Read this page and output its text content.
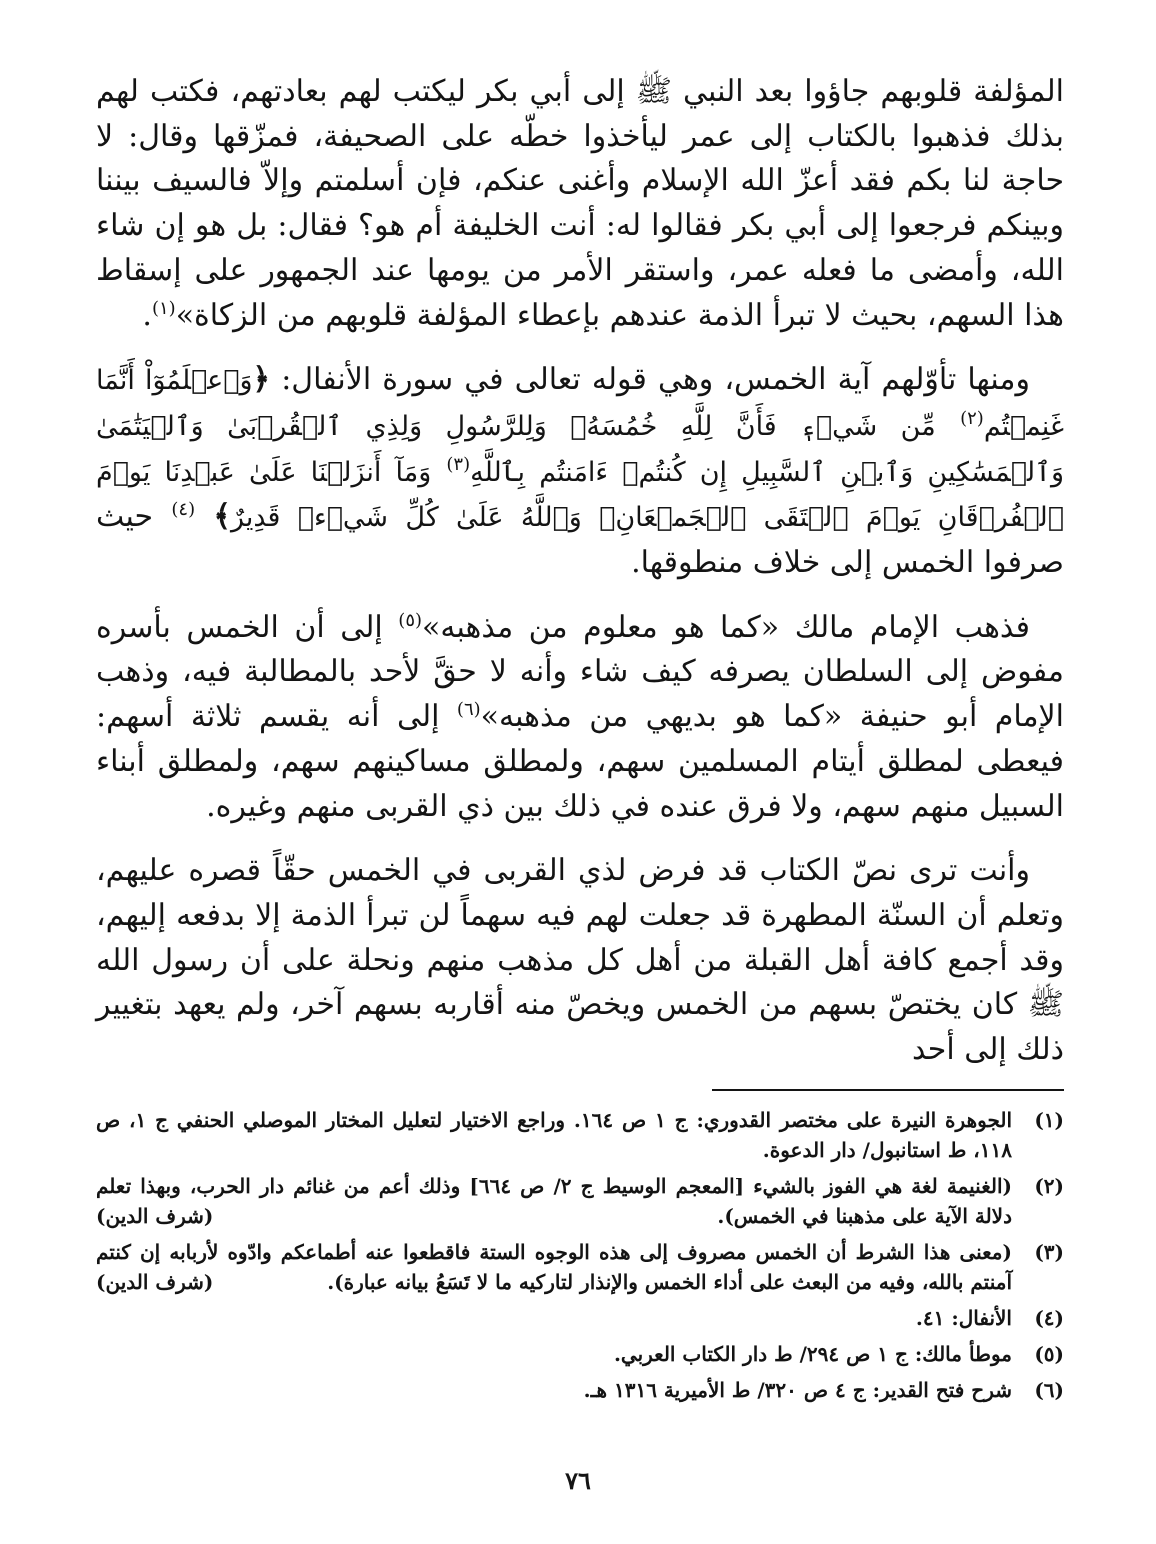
المؤلفة قلوبهم جاؤوا بعد النبي ﷺ إلى أبي بكر ليكتب لهم بعادتهم، فكتب لهم بذلك فذهبوا بالكتاب إلى عمر ليأخذوا خطّه على الصحيفة، فمزّقها وقال: لا حاجة لنا بكم فقد أعزّ الله الإسلام وأغنى عنكم، فإن أسلمتم وإلاّ فالسيف بيننا وبينكم فرجعوا إلى أبي بكر فقالوا له: أنت الخليفة أم هو؟ فقال: بل هو إن شاء الله، وأمضى ما فعله عمر، واستقر الأمر من يومها عند الجمهور على إسقاط هذا السهم، بحيث لا تبرأ الذمة عندهم بإعطاء المؤلفة قلوبهم من الزكاة»$^{(١)}$.

ومنها تأوّلهم آية الخمس، وهي قوله تعالى في سورة الأنفال: ﴿وَٱعۡلَمُوٓاْ أَنَّمَا غَنِمۡتُم$^{(٢)}$ مِّن شَيۡءٖ فَأَنَّ لِلَّهِ خُمُسَهُۥ وَلِلرَّسُولِ وَلِذِي ٱلۡقُرۡبَىٰ وَٱلۡيَتَٰمَىٰ وَٱلۡمَسَٰكِينِ وَٱبۡنِ ٱلسَّبِيلِ إِن كُنتُمۡ ءَامَنتُم بِٱللَّهِ$^{(٣)}$ وَمَآ أَنزَلۡنَا عَلَىٰ عَبۡدِنَا يَوۡمَ ٱلۡفُرۡقَانِ يَوۡمَ ٱلۡتَقَى ٱلۡجَمۡعَانِۗ وَٱللَّهُ عَلَىٰ كُلِّ شَيۡءٖ قَدِيرٌ﴾ $^{(٤)}$ حيث صرفوا الخمس إلى خلاف منطوقها.

فذهب الإمام مالك «كما هو معلوم من مذهبه»$^{(٥)}$ إلى أن الخمس بأسره مفوض إلى السلطان يصرفه كيف شاء وأنه لا حقَّ لأحد بالمطالبة فيه، وذهب الإمام أبو حنيفة «كما هو بديهي من مذهبه»$^{(٦)}$ إلى أنه يقسم ثلاثة أسهم: فيعطى لمطلق أيتام المسلمين سهم، ولمطلق مساكينهم سهم، ولمطلق أبناء السبيل منهم سهم، ولا فرق عنده في ذلك بين ذي القربى منهم وغيره.

وأنت ترى نصّ الكتاب قد فرض لذي القربى في الخمس حقّاً قصره عليهم، وتعلم أن السنّة المطهرة قد جعلت لهم فيه سهماً لن تبرأ الذمة إلا بدفعه إليهم، وقد أجمع كافة أهل القبلة من أهل كل مذهب منهم ونحلة على أن رسول الله ﷺ كان يختصّ بسهم من الخمس ويخصّ منه أقاربه بسهم آخر، ولم يعهد بتغيير ذلك إلى أحد

(١)
الجوهرة النيرة على مختصر القدوري: ج ١ ص ١٦٤. وراجع الاختيار لتعليل المختار الموصلي الحنفي ج ١، ص ١١٨، ط استانبول/ دار الدعوة.
(٢)
(الغنيمة لغة هي الفوز بالشيء [المعجم الوسيط ج ٢/ ص ٦٦٤] وذلك أعم من غنائم دار الحرب، وبهذا تعلم دلالة الآية على مذهبنا في الخمس).
(شرف الدين)
(٣)
(معنى هذا الشرط أن الخمس مصروف إلى هذه الوجوه الستة فاقطعوا عنه أطماعكم وادّوه لأربابه إن كنتم آمنتم بالله، وفيه من البعث على أداء الخمس والإنذار لتاركيه ما لا تَسَعُ بيانه عبارة).
(شرف الدين)
(٤)
الأنفال: ٤١.
(٥)
موطأ مالك: ج ١ ص ٢٩٤/ ط دار الكتاب العربي.
(٦)
شرح فتح القدير: ج ٤ ص ٣٢٠/ ط الأميرية ١٣١٦ هـ.
٧٦
